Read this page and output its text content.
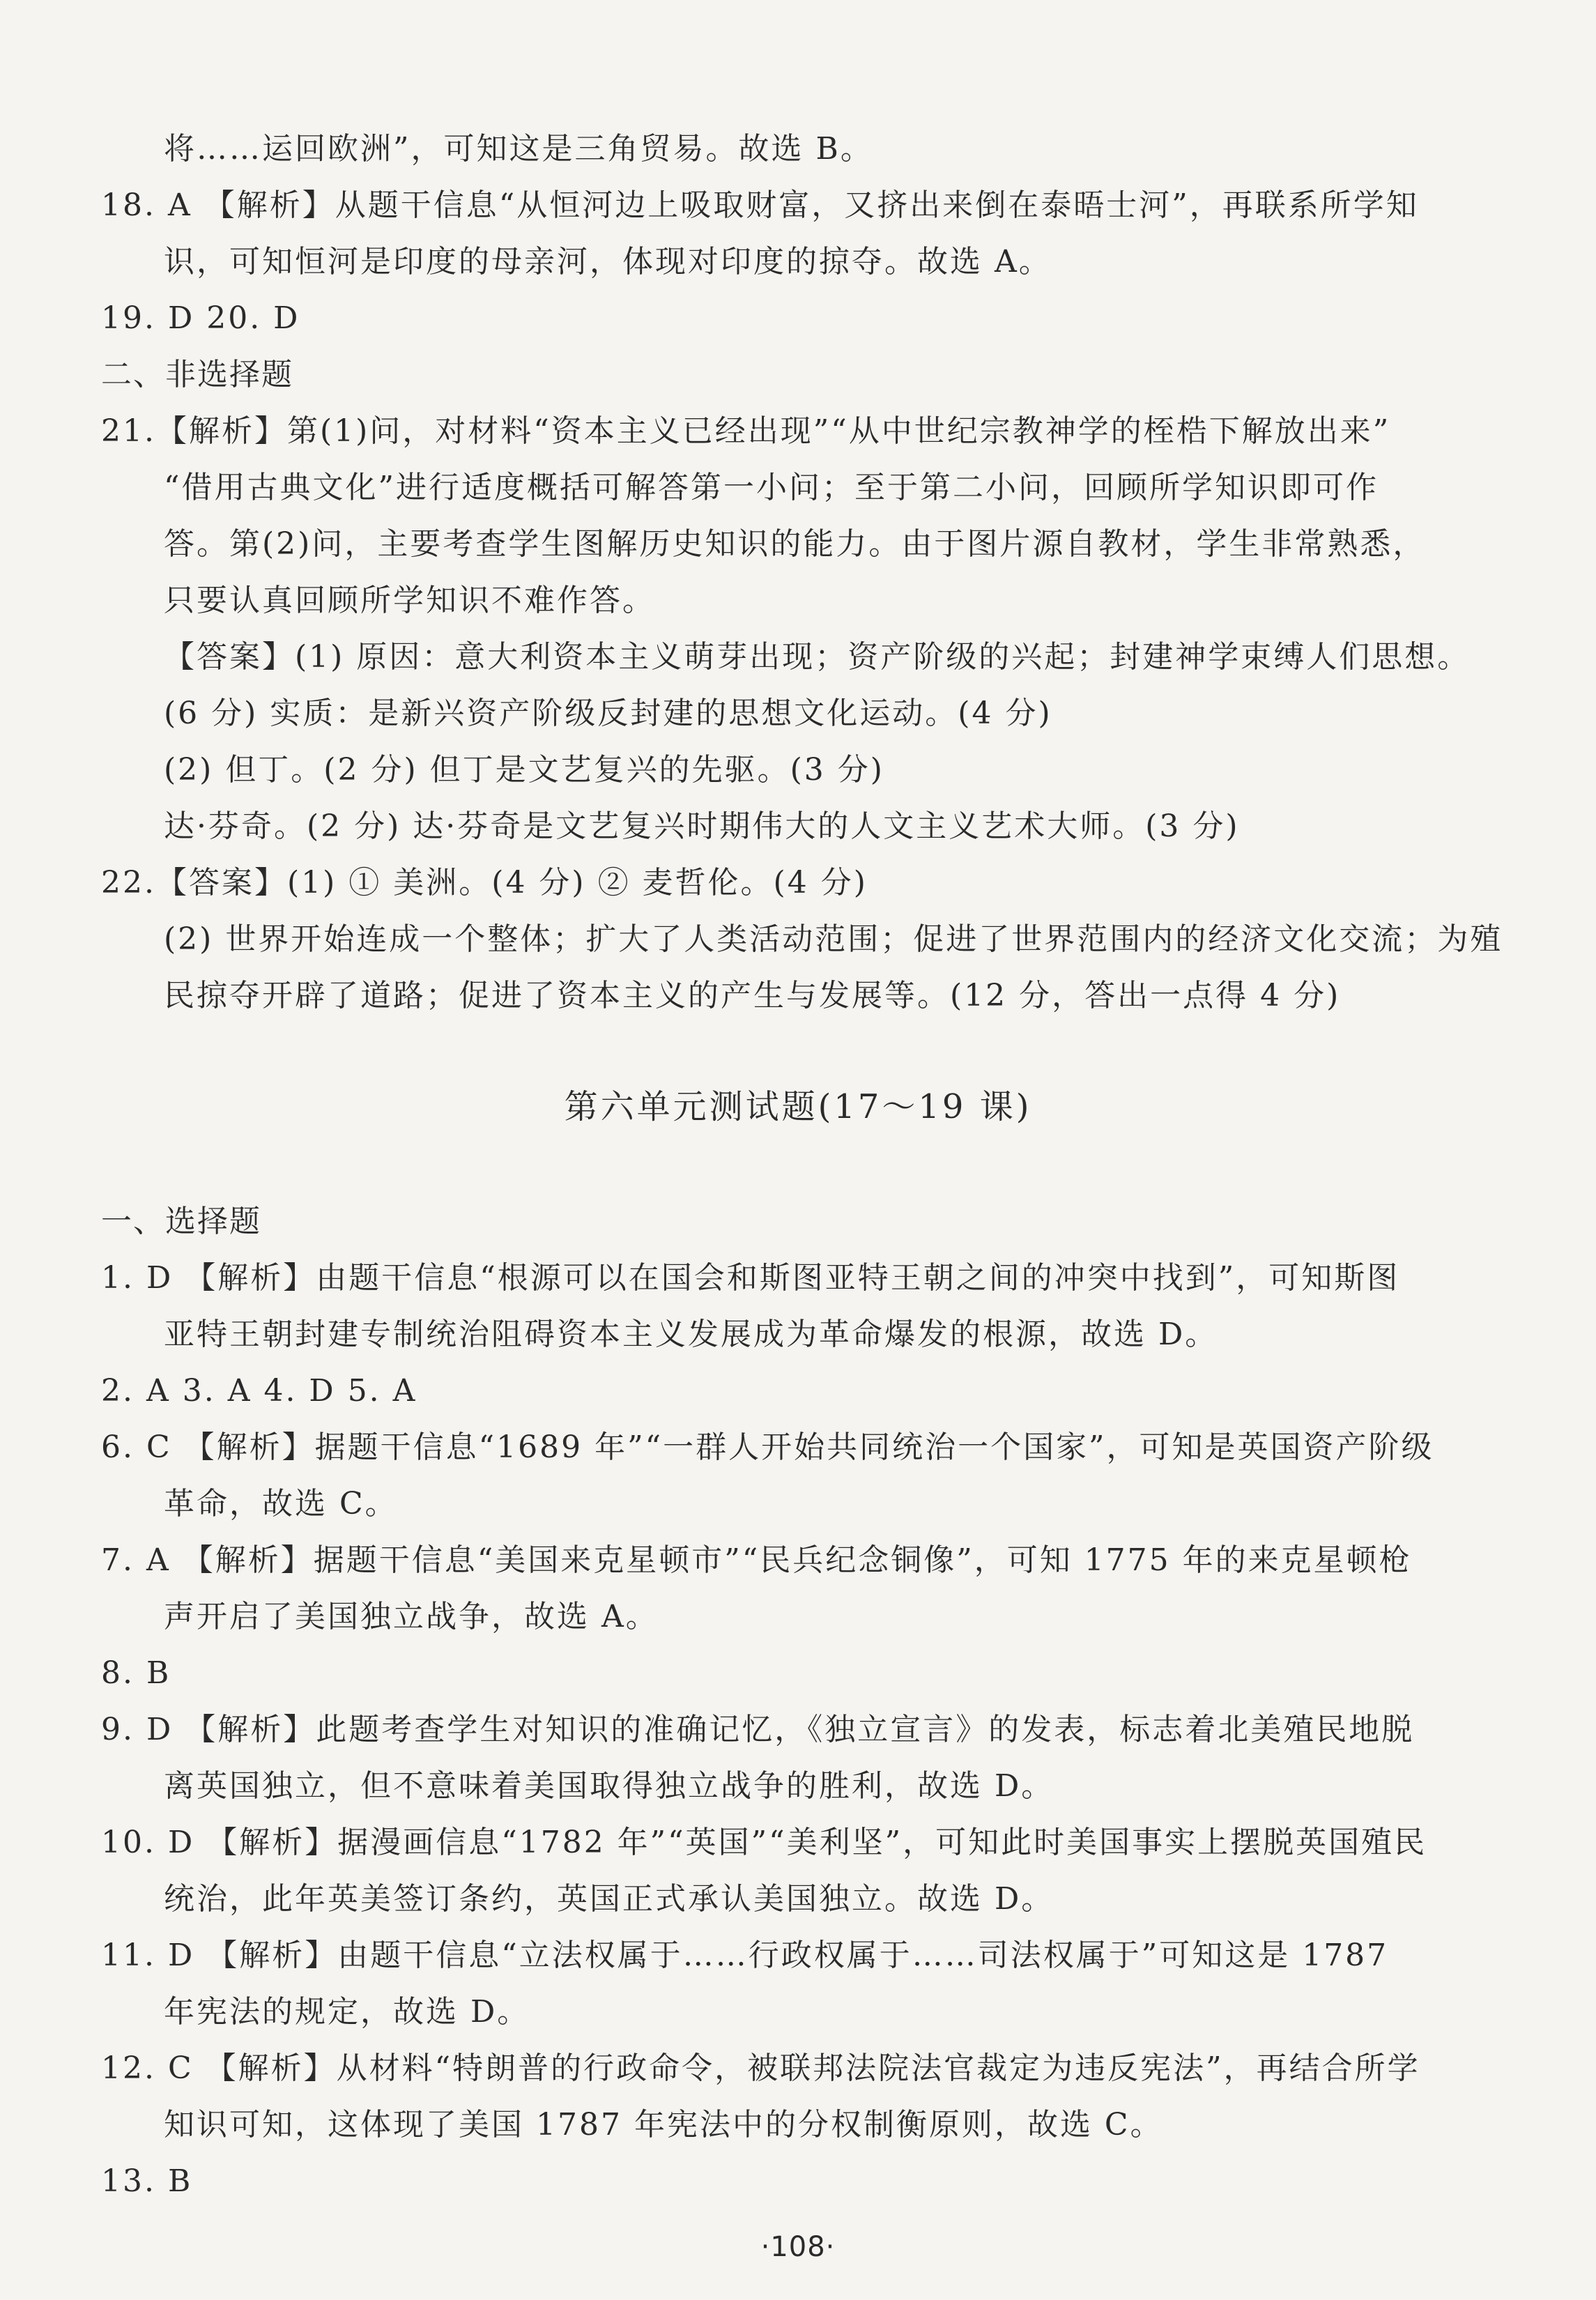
将……运回欧洲”，可知这是三角贸易。故选 B。
18. A 【解析】从题干信息“从恒河边上吸取财富，又挤出来倒在泰晤士河”，再联系所学知
识，可知恒河是印度的母亲河，体现对印度的掠夺。故选 A。
19. D 20. D
二、非选择题
21.【解析】第(1)问，对材料“资本主义已经出现”“从中世纪宗教神学的桎梏下解放出来”
“借用古典文化”进行适度概括可解答第一小问；至于第二小问，回顾所学知识即可作
答。第(2)问，主要考查学生图解历史知识的能力。由于图片源自教材，学生非常熟悉，
只要认真回顾所学知识不难作答。
【答案】(1) 原因：意大利资本主义萌芽出现；资产阶级的兴起；封建神学束缚人们思想。
(6 分) 实质：是新兴资产阶级反封建的思想文化运动。(4 分)
(2) 但丁。(2 分) 但丁是文艺复兴的先驱。(3 分)
达·芬奇。(2 分) 达·芬奇是文艺复兴时期伟大的人文主义艺术大师。(3 分)
22.【答案】(1) ① 美洲。(4 分) ② 麦哲伦。(4 分)
(2) 世界开始连成一个整体；扩大了人类活动范围；促进了世界范围内的经济文化交流；为殖
民掠夺开辟了道路；促进了资本主义的产生与发展等。(12 分，答出一点得 4 分)
第六单元测试题(17～19 课)
一、选择题
1. D 【解析】由题干信息“根源可以在国会和斯图亚特王朝之间的冲突中找到”，可知斯图
亚特王朝封建专制统治阻碍资本主义发展成为革命爆发的根源，故选 D。
2. A 3. A 4. D 5. A
6. C 【解析】据题干信息“1689 年”“一群人开始共同统治一个国家”，可知是英国资产阶级
革命，故选 C。
7. A 【解析】据题干信息“美国来克星顿市”“民兵纪念铜像”，可知 1775 年的来克星顿枪
声开启了美国独立战争，故选 A。
8. B
9. D 【解析】此题考查学生对知识的准确记忆，《独立宣言》的发表，标志着北美殖民地脱
离英国独立，但不意味着美国取得独立战争的胜利，故选 D。
10. D 【解析】据漫画信息“1782 年”“英国”“美利坚”，可知此时美国事实上摆脱英国殖民
统治，此年英美签订条约，英国正式承认美国独立。故选 D。
11. D 【解析】由题干信息“立法权属于……行政权属于……司法权属于”可知这是 1787
年宪法的规定，故选 D。
12. C 【解析】从材料“特朗普的行政命令，被联邦法院法官裁定为违反宪法”，再结合所学
知识可知，这体现了美国 1787 年宪法中的分权制衡原则，故选 C。
13. B
·108·
